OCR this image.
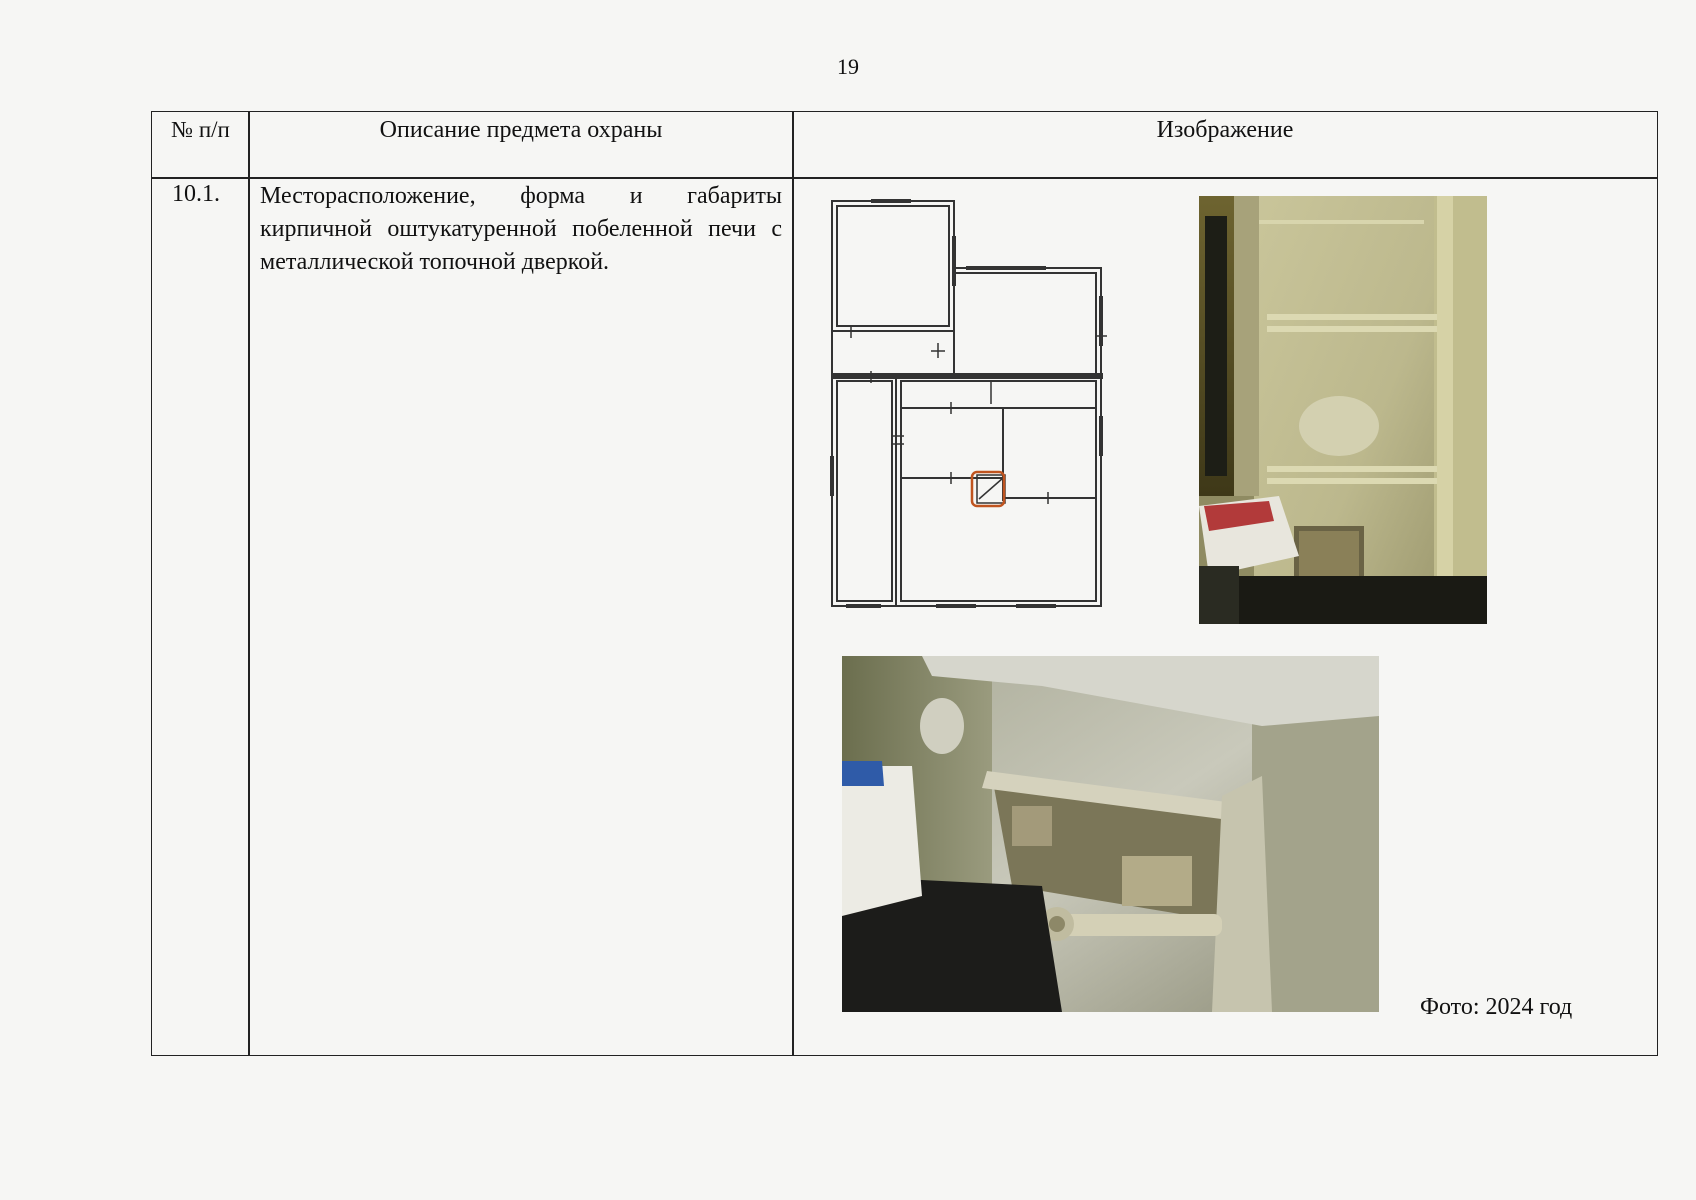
19
№ п/п	Описание предмета охраны	Изображение
10.1. Месторасположение, форма и габариты кирпичной оштукатуренной побеленной печи с металлической топочной дверкой.
Фото: 2024 год
